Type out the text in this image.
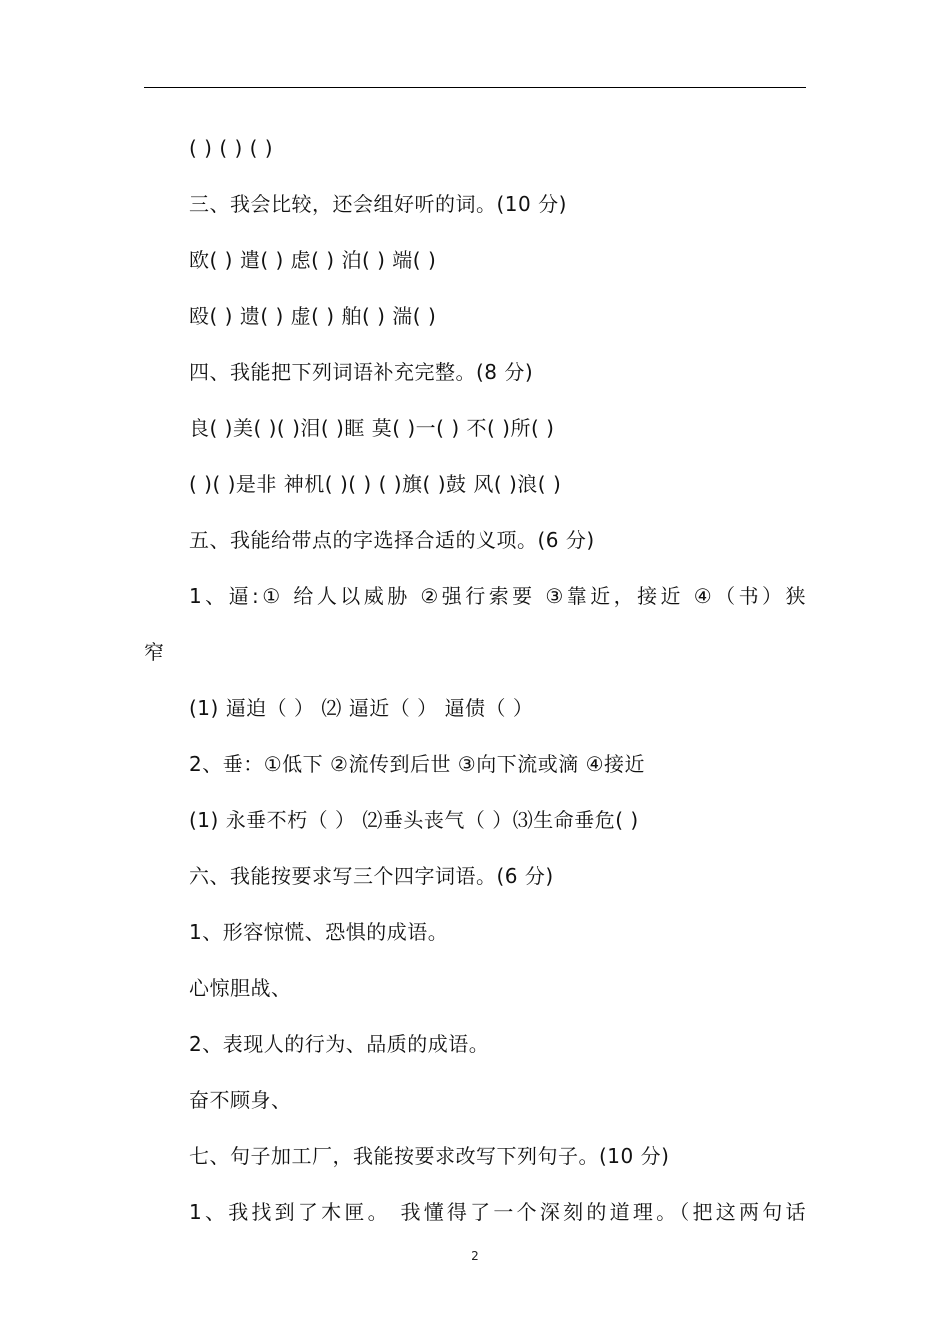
( ) ( ) ( )
三、我会比较，还会组好听的词。(10 分)
欧( ) 遣( ) 虑( ) 泊( ) 端( )
殴( ) 遗( ) 虚( ) 舶( ) 湍( )
四、我能把下列词语补充完整。(8 分)
良( )美( )( )泪( )眶 莫( )一( ) 不( )所( )
( )( )是非 神机( )( ) ( )旗( )鼓 风( )浪( )
五、我能给带点的字选择合适的义项。(6 分)
1、逼:① 给人以威胁 ②强行索要 ③靠近，接近 ④（书）狭
窄
(1) 逼迫（ ） ⑵ 逼近（ ） 逼债（ ）
2、垂：①低下 ②流传到后世 ③向下流或滴 ④接近
(1) 永垂不朽（ ） ⑵垂头丧气（ ）⑶生命垂危( )
六、我能按要求写三个四字词语。(6 分)
1、形容惊慌、恐惧的成语。
心惊胆战、
2、表现人的行为、品质的成语。
奋不顾身、
七、句子加工厂，我能按要求改写下列句子。(10 分)
1、我找到了木匣。 我懂得了一个深刻的道理。（把这两句话
2
